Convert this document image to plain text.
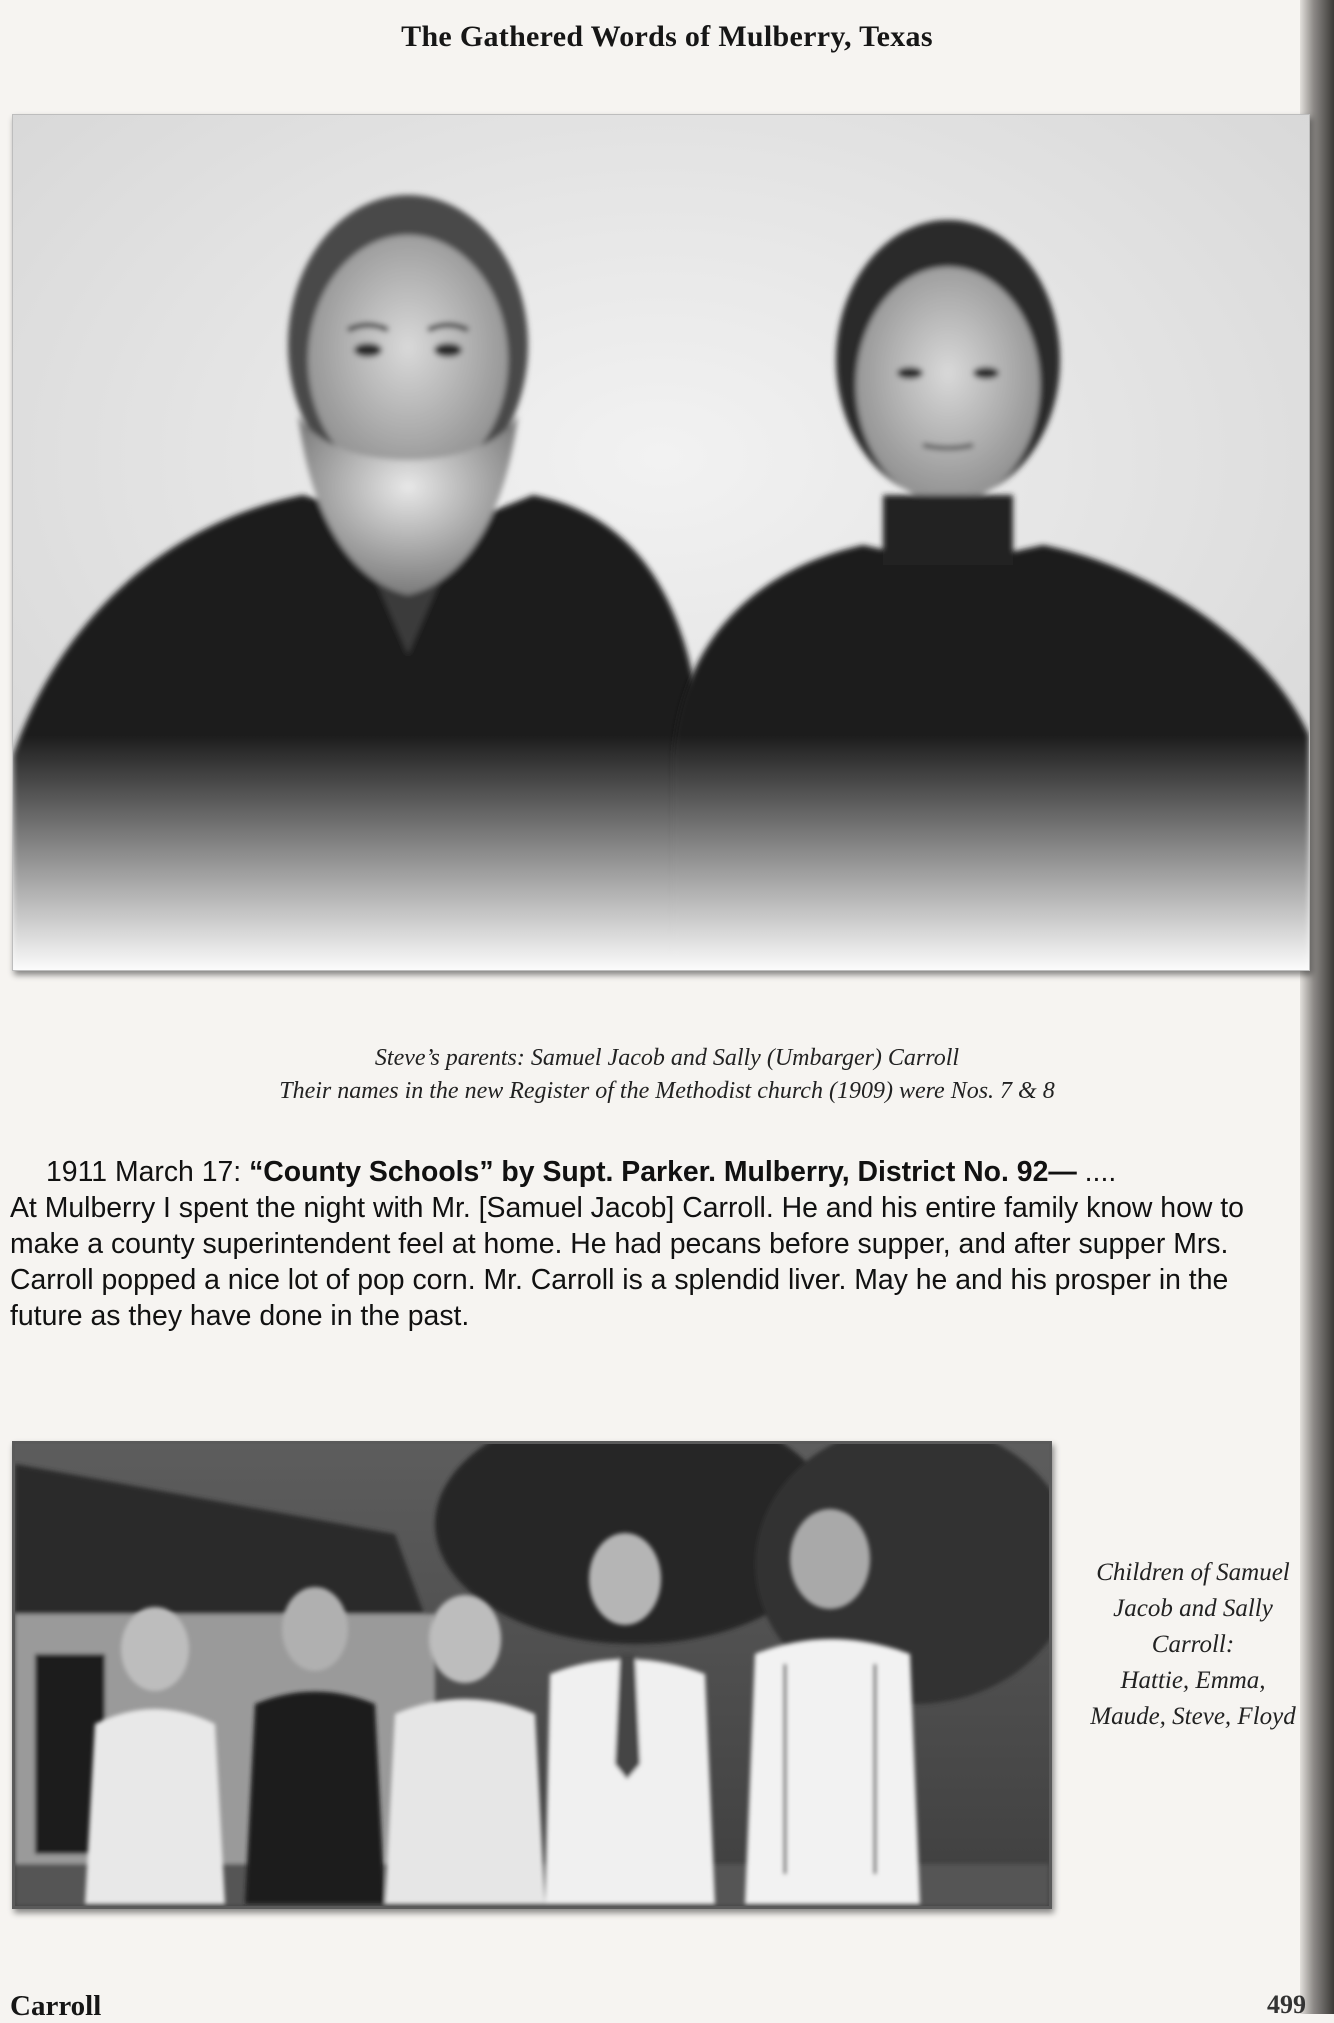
The Gathered Words of Mulberry, Texas
Steve’s parents: Samuel Jacob and Sally (Umbarger) Carroll
Their names in the new Register of the Methodist church (1909) were Nos. 7 & 8
1911 March 17: “County Schools” by Supt. Parker. Mulberry, District No. 92— ....
At Mulberry I spent the night with Mr. [Samuel Jacob] Carroll. He and his entire family know how to make a county superintendent feel at home. He had pecans before supper, and after supper Mrs. Carroll popped a nice lot of pop corn. Mr. Carroll is a splendid liver. May he and his prosper in the future as they have done in the past.
Children of Samuel
Jacob and Sally
Carroll:
Hattie, Emma,
Maude, Steve, Floyd
Carroll	499
